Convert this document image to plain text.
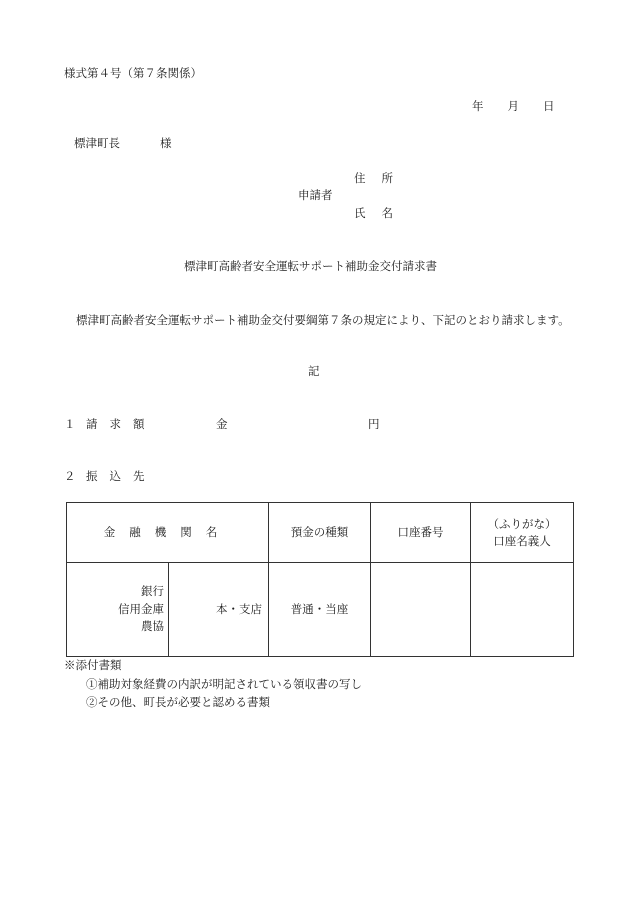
様式第４号（第７条関係）
年 月 日
標津町長	様
住所
申請者
氏名
標津町高齢者安全運転サポート補助金交付請求書
標津町高齢者安全運転サポート補助金交付要綱第７条の規定により、下記のとおり請求します。
記
１ 請求額	金	円
２ 振込先
金融機関名		預金の種類	口座番号	（ふりがな）
口座名義人

銀行
信用金庫
農協	本・支店	普通・当座		
※添付書類
①補助対象経費の内訳が明記されている領収書の写し
②その他、町長が必要と認める書類
